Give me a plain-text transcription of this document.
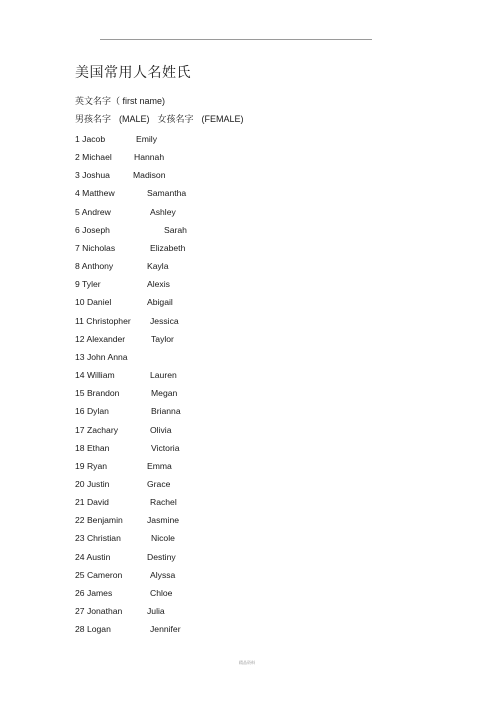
美国常用人名姓氏
英文名字（ first name)
男孩名字 (MALE) 女孩名字 (FEMALE)
1 Jacob	Emily
2 Michael	Hannah
3 Joshua	Madison
4 Matthew	Samantha
5 Andrew	Ashley
6 Joseph	Sarah
7 Nicholas	Elizabeth
8 Anthony	Kayla
9 Tyler	Alexis
10 Daniel	Abigail
11 Christopher Jessica
12 Alexander	Taylor
13 John Anna
14 William	Lauren
15 Brandon	Megan
16 Dylan	Brianna
17 Zachary	Olivia
18 Ethan	Victoria
19 Ryan	Emma
20 Justin	Grace
21 David	Rachel
22 Benjamin	Jasmine
23 Christian	Nicole
24 Austin	Destiny
25 Cameron	Alyssa
26 James	Chloe
27 Jonathan	Julia
28 Logan	Jennifer
精品资料
